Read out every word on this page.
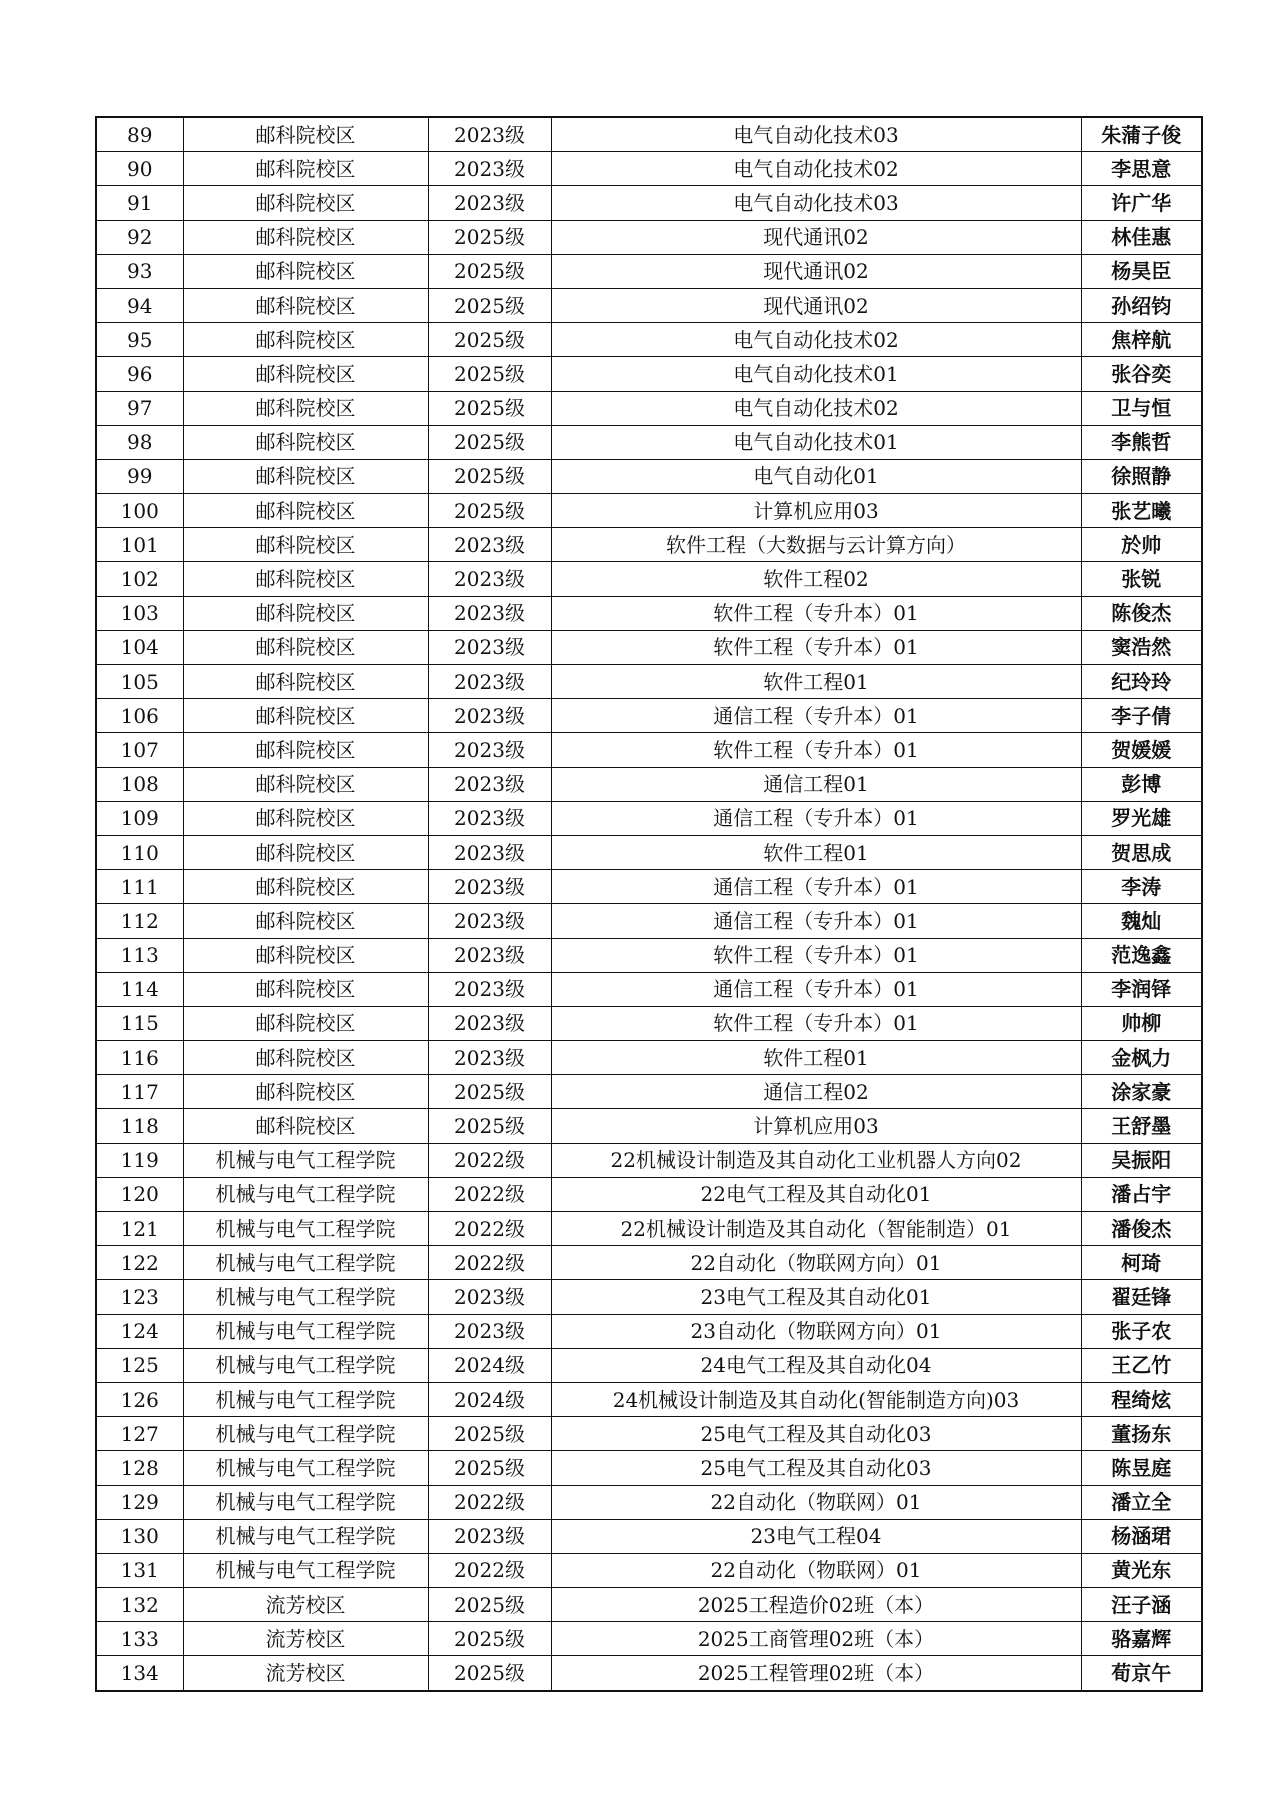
89	邮科院校区	2023级	电气自动化技术03	朱蒲子俊
90	邮科院校区	2023级	电气自动化技术02	李思意
91	邮科院校区	2023级	电气自动化技术03	许广华
92	邮科院校区	2025级	现代通讯02	林佳惠
93	邮科院校区	2025级	现代通讯02	杨昊臣
94	邮科院校区	2025级	现代通讯02	孙绍钧
95	邮科院校区	2025级	电气自动化技术02	焦梓航
96	邮科院校区	2025级	电气自动化技术01	张谷奕
97	邮科院校区	2025级	电气自动化技术02	卫与恒
98	邮科院校区	2025级	电气自动化技术01	李熊哲
99	邮科院校区	2025级	电气自动化01	徐照静
100	邮科院校区	2025级	计算机应用03	张艺曦
101	邮科院校区	2023级	软件工程（大数据与云计算方向）	於帅
102	邮科院校区	2023级	软件工程02	张锐
103	邮科院校区	2023级	软件工程（专升本）01	陈俊杰
104	邮科院校区	2023级	软件工程（专升本）01	窦浩然
105	邮科院校区	2023级	软件工程01	纪玲玲
106	邮科院校区	2023级	通信工程（专升本）01	李子倩
107	邮科院校区	2023级	软件工程（专升本）01	贺媛媛
108	邮科院校区	2023级	通信工程01	彭博
109	邮科院校区	2023级	通信工程（专升本）01	罗光雄
110	邮科院校区	2023级	软件工程01	贺思成
111	邮科院校区	2023级	通信工程（专升本）01	李涛
112	邮科院校区	2023级	通信工程（专升本）01	魏灿
113	邮科院校区	2023级	软件工程（专升本）01	范逸鑫
114	邮科院校区	2023级	通信工程（专升本）01	李润铎
115	邮科院校区	2023级	软件工程（专升本）01	帅柳
116	邮科院校区	2023级	软件工程01	金枫力
117	邮科院校区	2025级	通信工程02	涂家豪
118	邮科院校区	2025级	计算机应用03	王舒墨
119	机械与电气工程学院	2022级	22机械设计制造及其自动化工业机器人方向02	吴振阳
120	机械与电气工程学院	2022级	22电气工程及其自动化01	潘占宇
121	机械与电气工程学院	2022级	22机械设计制造及其自动化（智能制造）01	潘俊杰
122	机械与电气工程学院	2022级	22自动化（物联网方向）01	柯琦
123	机械与电气工程学院	2023级	23电气工程及其自动化01	翟廷锋
124	机械与电气工程学院	2023级	23自动化（物联网方向）01	张子农
125	机械与电气工程学院	2024级	24电气工程及其自动化04	王乙竹
126	机械与电气工程学院	2024级	24机械设计制造及其自动化(智能制造方向)03	程绮炫
127	机械与电气工程学院	2025级	25电气工程及其自动化03	董扬东
128	机械与电气工程学院	2025级	25电气工程及其自动化03	陈昱庭
129	机械与电气工程学院	2022级	22自动化（物联网）01	潘立全
130	机械与电气工程学院	2023级	23电气工程04	杨涵珺
131	机械与电气工程学院	2022级	22自动化（物联网）01	黄光东
132	流芳校区	2025级	2025工程造价02班（本）	汪子涵
133	流芳校区	2025级	2025工商管理02班（本）	骆嘉辉
134	流芳校区	2025级	2025工程管理02班（本）	荀京午
